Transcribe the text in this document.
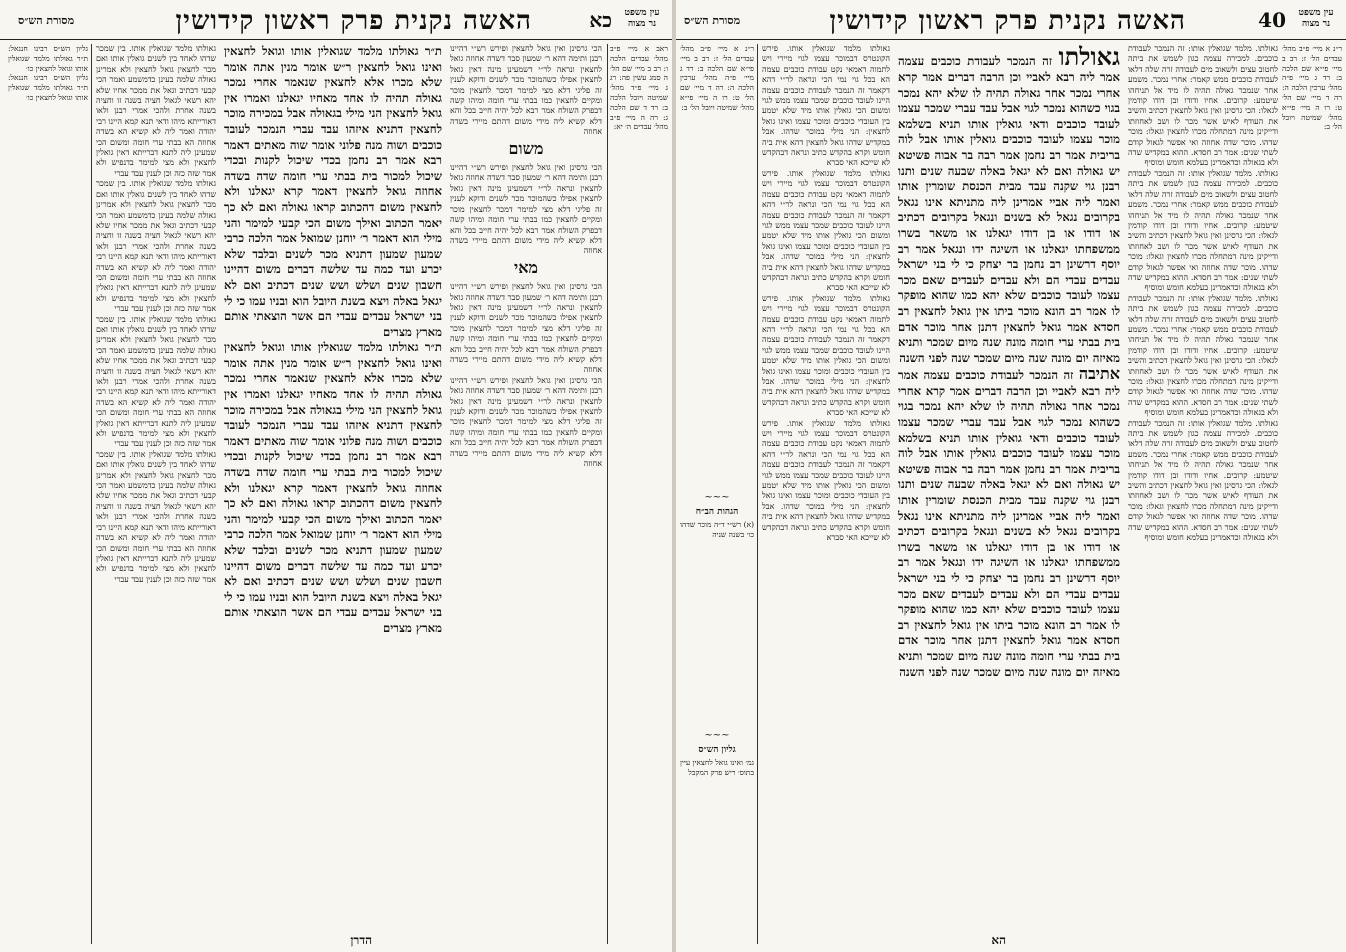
עין משפט
נר מצוה
כא
האשה נקנית פרק ראשון קידושין
מסורת הש״ס

ראב א מיי׳ פ״ב מהל׳ עבדים הלכה ו: רב ב מיי׳ שם הל׳ ה סמג עשין פה: רג ג מיי׳ פ״ד מהל׳ שמיטה ויובל הלכה ב: רד ד שם הלכה ג: רה ה מיי׳ פ״ב מהל׳ עבדים ה׳ יא:

הכי גרסינן ואין גואל לחצאין ופירש רש״י דהיינו רבנן ותימה דהא ר׳ שמעון סבר דשדה אחוזה גואל לחצאין ונראה לר״י דשמעינן מינה דאין גואל לחצאין אפילו כשהמוכר מכר לשנים ודוקא לענין זה פליגי דלא מצי למימר דמכר לחצאין מוכר ומקיים לחצאין כמו בבתי ערי חומה ומיהו קשה דבפרק השולח אמר רבא לכל יהיה חייב בכל והא דלא קשיא ליה מידי משום דהתם מיירי בשדה אחוזה

משום

הכי גרסינן ואין גואל לחצאין ופירש רש״י דהיינו רבנן ותימה דהא ר׳ שמעון סבר דשדה אחוזה גואל לחצאין ונראה לר״י דשמעינן מינה דאין גואל לחצאין אפילו כשהמוכר מכר לשנים ודוקא לענין זה פליגי דלא מצי למימר דמכר לחצאין מוכר ומקיים לחצאין כמו בבתי ערי חומה ומיהו קשה דבפרק השולח אמר רבא לכל יהיה חייב בכל והא דלא קשיא ליה מידי משום דהתם מיירי בשדה אחוזה

מאי

הכי גרסינן ואין גואל לחצאין ופירש רש״י דהיינו רבנן ותימה דהא ר׳ שמעון סבר דשדה אחוזה גואל לחצאין ונראה לר״י דשמעינן מינה דאין גואל לחצאין אפילו כשהמוכר מכר לשנים ודוקא לענין זה פליגי דלא מצי למימר דמכר לחצאין מוכר ומקיים לחצאין כמו בבתי ערי חומה ומיהו קשה דבפרק השולח אמר רבא לכל יהיה חייב בכל והא דלא קשיא ליה מידי משום דהתם מיירי בשדה אחוזה

הכי גרסינן ואין גואל לחצאין ופירש רש״י דהיינו רבנן ותימה דהא ר׳ שמעון סבר דשדה אחוזה גואל לחצאין ונראה לר״י דשמעינן מינה דאין גואל לחצאין אפילו כשהמוכר מכר לשנים ודוקא לענין זה פליגי דלא מצי למימר דמכר לחצאין מוכר ומקיים לחצאין כמו בבתי ערי חומה ומיהו קשה דבפרק השולח אמר רבא לכל יהיה חייב בכל והא דלא קשיא ליה מידי משום דהתם מיירי בשדה אחוזה

ת״ר גאולתו מלמד שגואלין אותו וגואל לחצאין ואינו גואל לחצאין ר״ש אומר מנין אתה אומר שלא מכרו אלא לחצאין שנאמר אחרי נמכר גאולה תהיה לו אחד מאחיו יגאלנו ואמרו אין גואל לחצאין הני מילי בגאולה אבל במכירה מוכר לחצאין דתניא איזהו עבד עברי הנמכר לעובד כוכבים ושוה מנה פלוני אומר שוה מאתים דאמר רבא אמר רב נחמן בכדי שיכול לקנות ובכדי שיכול למכור בית בבתי ערי חומה שדה בשדה אחוזה גואל לחצאין דאמר קרא יגאלנו ולא לחצאין משום דהכתוב קראו גאולה ואם לא כך יאמר הכתוב ואילך משום הכי קבעי למימר והני מילי הוא דאמר ר׳ יוחנן שמואל אמר הלכה כרבי שמעון שמעון דתניא מכר לשנים ובלבד שלא יכרע ועד כמה עד שלשה דברים משום דהיינו חשבון שנים ושלש ושש שנים דכתיב ואם לא יגאל באלה ויצא בשנת היובל הוא ובניו עמו כי לי בני ישראל עבדים עבדי הם אשר הוצאתי אותם מארץ מצרים

ת״ר גאולתו מלמד שגואלין אותו וגואל לחצאין ואינו גואל לחצאין ר״ש אומר מנין אתה אומר שלא מכרו אלא לחצאין שנאמר אחרי נמכר גאולה תהיה לו אחד מאחיו יגאלנו ואמרו אין גואל לחצאין הני מילי בגאולה אבל במכירה מוכר לחצאין דתניא איזהו עבד עברי הנמכר לעובד כוכבים ושוה מנה פלוני אומר שוה מאתים דאמר רבא אמר רב נחמן בכדי שיכול לקנות ובכדי שיכול למכור בית בבתי ערי חומה שדה בשדה אחוזה גואל לחצאין דאמר קרא יגאלנו ולא לחצאין משום דהכתוב קראו גאולה ואם לא כך יאמר הכתוב ואילך משום הכי קבעי למימר והני מילי הוא דאמר ר׳ יוחנן שמואל אמר הלכה כרבי שמעון שמעון דתניא מכר לשנים ובלבד שלא יכרע ועד כמה עד שלשה דברים משום דהיינו חשבון שנים ושלש ושש שנים דכתיב ואם לא יגאל באלה ויצא בשנת היובל הוא ובניו עמו כי לי בני ישראל עבדים עבדי הם אשר הוצאתי אותם מארץ מצרים

גאולתו מלמד שגואלין אותו. בין שמכר שדהו לאחד בין לשנים גואלין אותו ואם מכר לחצאין גואל לחצאין ולא אמרינן גאולה שלמה בעינן כדמשמע ואמר הכי קבעי דכתיב וגאל את ממכר אחיו שלא יהא רשאי לגאול חציה בשנה זו וחציה בשנה אחרת ולהכי אמרי רבנן ולאו דאורייתא מיהו ודאי תנא קמא היינו רבי יהודה ואמר ליה לא קשיא הא בשדה אחוזה הא בבתי ערי חומה ומשום הכי שמעינן ליה לתנא דברייתא דאין גואלין לחצאין ולא מצי למימר בדנפיש ולא אמר שזה כזה וכן לענין עבד עברי

גאולתו מלמד שגואלין אותו. בין שמכר שדהו לאחד בין לשנים גואלין אותו ואם מכר לחצאין גואל לחצאין ולא אמרינן גאולה שלמה בעינן כדמשמע ואמר הכי קבעי דכתיב וגאל את ממכר אחיו שלא יהא רשאי לגאול חציה בשנה זו וחציה בשנה אחרת ולהכי אמרי רבנן ולאו דאורייתא מיהו ודאי תנא קמא היינו רבי יהודה ואמר ליה לא קשיא הא בשדה אחוזה הא בבתי ערי חומה ומשום הכי שמעינן ליה לתנא דברייתא דאין גואלין לחצאין ולא מצי למימר בדנפיש ולא אמר שזה כזה וכן לענין עבד עברי

גאולתו מלמד שגואלין אותו. בין שמכר שדהו לאחד בין לשנים גואלין אותו ואם מכר לחצאין גואל לחצאין ולא אמרינן גאולה שלמה בעינן כדמשמע ואמר הכי קבעי דכתיב וגאל את ממכר אחיו שלא יהא רשאי לגאול חציה בשנה זו וחציה בשנה אחרת ולהכי אמרי רבנן ולאו דאורייתא מיהו ודאי תנא קמא היינו רבי יהודה ואמר ליה לא קשיא הא בשדה אחוזה הא בבתי ערי חומה ומשום הכי שמעינן ליה לתנא דברייתא דאין גואלין לחצאין ולא מצי למימר בדנפיש ולא אמר שזה כזה וכן לענין עבד עברי

גאולתו מלמד שגואלין אותו. בין שמכר שדהו לאחד בין לשנים גואלין אותו ואם מכר לחצאין גואל לחצאין ולא אמרינן גאולה שלמה בעינן כדמשמע ואמר הכי קבעי דכתיב וגאל את ממכר אחיו שלא יהא רשאי לגאול חציה בשנה זו וחציה בשנה אחרת ולהכי אמרי רבנן ולאו דאורייתא מיהו ודאי תנא קמא היינו רבי יהודה ואמר ליה לא קשיא הא בשדה אחוזה הא בבתי ערי חומה ומשום הכי שמעינן ליה לתנא דברייתא דאין גואלין לחצאין ולא מצי למימר בדנפיש ולא אמר שזה כזה וכן לענין עבד עברי

גליון הש״ס רבינו חננאל: ת״ר גאולתו מלמד שגואלין אותו וגואל לחצאין כו׳

גליון הש״ס רבינו חננאל: ת״ר גאולתו מלמד שגואלין אותו וגואל לחצאין כו׳

הדרן
עין משפט
נר מצוה
40
האשה נקנית פרק ראשון קידושין
מסורת הש״ס

ר״נ א מיי׳ פ״ב מהל׳ עבדים הל׳ ז: רב ב מיי׳ פי״א שם הלכה ב: רד ג מיי׳ פ״ה מהל׳ ערכין הלכה ה: רה ד מיי׳ שם הל׳ ט: רו ה מיי׳ פי״א מהל׳ שמיטה ויובל הל׳ ב:

גאולתו. מלמד שגואלין אותו: זה הנמכר לעבודת כוכבים. למכירה עצמה כגון לשמש את ביתה לחטוב עצים ולשאוב מים לעבודה זרה שלה דלאו לעבודת כוכבים ממש קאמר: אחרי נמכר. משמע אחר שנמכר גאולה תהיה לו מיד אל תניחהו שיטמע: קרובים. אחיו ודודו ובן דודו קודמין לגאלו: הכי גרסינן ואין גואל לחצאין דכתיב והשיב את העודף לאיש אשר מכר לו ושב לאחוזתו ודייקינן מינה דמתחלה מכרו לחצאין וגאלו: מוכר שדהו. מוכר שדה אחוזה ואי אפשר לגאול קודם לשתי שנים: אמר רב חסדא. ההוא במקדיש שדה ולא בגאולה וכדאמרינן בעלמא חומש ומוסיף

גאולתו. מלמד שגואלין אותו: זה הנמכר לעבודת כוכבים. למכירה עצמה כגון לשמש את ביתה לחטוב עצים ולשאוב מים לעבודה זרה שלה דלאו לעבודת כוכבים ממש קאמר: אחרי נמכר. משמע אחר שנמכר גאולה תהיה לו מיד אל תניחהו שיטמע: קרובים. אחיו ודודו ובן דודו קודמין לגאלו: הכי גרסינן ואין גואל לחצאין דכתיב והשיב את העודף לאיש אשר מכר לו ושב לאחוזתו ודייקינן מינה דמתחלה מכרו לחצאין וגאלו: מוכר שדהו. מוכר שדה אחוזה ואי אפשר לגאול קודם לשתי שנים: אמר רב חסדא. ההוא במקדיש שדה ולא בגאולה וכדאמרינן בעלמא חומש ומוסיף

גאולתו. מלמד שגואלין אותו: זה הנמכר לעבודת כוכבים. למכירה עצמה כגון לשמש את ביתה לחטוב עצים ולשאוב מים לעבודה זרה שלה דלאו לעבודת כוכבים ממש קאמר: אחרי נמכר. משמע אחר שנמכר גאולה תהיה לו מיד אל תניחהו שיטמע: קרובים. אחיו ודודו ובן דודו קודמין לגאלו: הכי גרסינן ואין גואל לחצאין דכתיב והשיב את העודף לאיש אשר מכר לו ושב לאחוזתו ודייקינן מינה דמתחלה מכרו לחצאין וגאלו: מוכר שדהו. מוכר שדה אחוזה ואי אפשר לגאול קודם לשתי שנים: אמר רב חסדא. ההוא במקדיש שדה ולא בגאולה וכדאמרינן בעלמא חומש ומוסיף

גאולתו. מלמד שגואלין אותו: זה הנמכר לעבודת כוכבים. למכירה עצמה כגון לשמש את ביתה לחטוב עצים ולשאוב מים לעבודה זרה שלה דלאו לעבודת כוכבים ממש קאמר: אחרי נמכר. משמע אחר שנמכר גאולה תהיה לו מיד אל תניחהו שיטמע: קרובים. אחיו ודודו ובן דודו קודמין לגאלו: הכי גרסינן ואין גואל לחצאין דכתיב והשיב את העודף לאיש אשר מכר לו ושב לאחוזתו ודייקינן מינה דמתחלה מכרו לחצאין וגאלו: מוכר שדהו. מוכר שדה אחוזה ואי אפשר לגאול קודם לשתי שנים: אמר רב חסדא. ההוא במקדיש שדה ולא בגאולה וכדאמרינן בעלמא חומש ומוסיף

גאולתו זה הנמכר לעבודת כוכבים עצמה אמר ליה רבא לאביי וכן הרבה דברים אמר קרא אחרי נמכר אחר גאולה תהיה לו שלא יהא נמכר בגוי כשהוא נמכר לגוי אבל עבד עברי שמכר עצמו לעובד כוכבים ודאי גואלין אותו תניא בשלמא מוכר עצמו לעובד כוכבים גואלין אותו אבל לוה בריבית אמר רב נחמן אמר רבה בר אבוה פשיטא יש גאולה ואם לא יגאל באלה שבעה שנים ותנו רבנן גוי שקנה עבד מבית הכנסת שומרין אותו ואמר ליה אביי אמרינן ליה מתניתא אינו נגאל בקרובים נגאל לא בשנים ונגאל בקרובים דכתיב או דודו או בן דודו יגאלנו או משאר בשרו ממשפחתו יגאלנו או השיגה ידו ונגאל אמר רב יוסף דרשינן רב נחמן בר יצחק כי לי בני ישראל עבדים עבדי הם ולא עבדים לעבדים שאם מכר עצמו לעובד כוכבים שלא יהא כמו שהוא מופקר לו אמר רב הונא מוכר ביתו אין גואל לחצאין רב חסדא אמר גואל לחצאין דתנן אחר מוכר אדם בית בבתי ערי חומה מונה שנה מיום שמכר ותניא מאיזה יום מונה שנה מיום שמכר שנה לפני השנה

אתיבה זה הנמכר לעבודת כוכבים עצמה אמר ליה רבא לאביי וכן הרבה דברים אמר קרא אחרי נמכר אחר גאולה תהיה לו שלא יהא נמכר בגוי כשהוא נמכר לגוי אבל עבד עברי שמכר עצמו לעובד כוכבים ודאי גואלין אותו תניא בשלמא מוכר עצמו לעובד כוכבים גואלין אותו אבל לוה בריבית אמר רב נחמן אמר רבה בר אבוה פשיטא יש גאולה ואם לא יגאל באלה שבעה שנים ותנו רבנן גוי שקנה עבד מבית הכנסת שומרין אותו ואמר ליה אביי אמרינן ליה מתניתא אינו נגאל בקרובים נגאל לא בשנים ונגאל בקרובים דכתיב או דודו או בן דודו יגאלנו או משאר בשרו ממשפחתו יגאלנו או השיגה ידו ונגאל אמר רב יוסף דרשינן רב נחמן בר יצחק כי לי בני ישראל עבדים עבדי הם ולא עבדים לעבדים שאם מכר עצמו לעובד כוכבים שלא יהא כמו שהוא מופקר לו אמר רב הונא מוכר ביתו אין גואל לחצאין רב חסדא אמר גואל לחצאין דתנן אחר מוכר אדם בית בבתי ערי חומה מונה שנה מיום שמכר ותניא מאיזה יום מונה שנה מיום שמכר שנה לפני השנה

גאולתו מלמד שגואלין אותו. פירש הקונטרס דבמוכר עצמו לגוי מיירי ויש לתמוה דאמאי נקט עבודת כוכבים עצמה הא בכל גוי נמי הכי ונראה לר״י דהא דקאמר זה הנמכר לעבודת כוכבים עצמה היינו לעובד כוכבים שמכר עצמו ממש לגוי ומשום הכי גואלין אותו מיד שלא יטמע בין העובדי כוכבים ומוכר עצמו ואינו גואל לחצאין: הני מילי במוכר שדהו. אבל במקדיש שדהו גואל לחצאין דהא אית ביה חומש וקרא בהקדש כתיב ונראה דבהקדש לא שייכא האי סברא

גאולתו מלמד שגואלין אותו. פירש הקונטרס דבמוכר עצמו לגוי מיירי ויש לתמוה דאמאי נקט עבודת כוכבים עצמה הא בכל גוי נמי הכי ונראה לר״י דהא דקאמר זה הנמכר לעבודת כוכבים עצמה היינו לעובד כוכבים שמכר עצמו ממש לגוי ומשום הכי גואלין אותו מיד שלא יטמע בין העובדי כוכבים ומוכר עצמו ואינו גואל לחצאין: הני מילי במוכר שדהו. אבל במקדיש שדהו גואל לחצאין דהא אית ביה חומש וקרא בהקדש כתיב ונראה דבהקדש לא שייכא האי סברא

גאולתו מלמד שגואלין אותו. פירש הקונטרס דבמוכר עצמו לגוי מיירי ויש לתמוה דאמאי נקט עבודת כוכבים עצמה הא בכל גוי נמי הכי ונראה לר״י דהא דקאמר זה הנמכר לעבודת כוכבים עצמה היינו לעובד כוכבים שמכר עצמו ממש לגוי ומשום הכי גואלין אותו מיד שלא יטמע בין העובדי כוכבים ומוכר עצמו ואינו גואל לחצאין: הני מילי במוכר שדהו. אבל במקדיש שדהו גואל לחצאין דהא אית ביה חומש וקרא בהקדש כתיב ונראה דבהקדש לא שייכא האי סברא

גאולתו מלמד שגואלין אותו. פירש הקונטרס דבמוכר עצמו לגוי מיירי ויש לתמוה דאמאי נקט עבודת כוכבים עצמה הא בכל גוי נמי הכי ונראה לר״י דהא דקאמר זה הנמכר לעבודת כוכבים עצמה היינו לעובד כוכבים שמכר עצמו ממש לגוי ומשום הכי גואלין אותו מיד שלא יטמע בין העובדי כוכבים ומוכר עצמו ואינו גואל לחצאין: הני מילי במוכר שדהו. אבל במקדיש שדהו גואל לחצאין דהא אית ביה חומש וקרא בהקדש כתיב ונראה דבהקדש לא שייכא האי סברא

ר״נ א מיי׳ פ״ב מהל׳ עבדים הל׳ ז: רב ב מיי׳ פי״א שם הלכה ב: רד ג מיי׳ פ״ה מהל׳ ערכין הלכה ה: רה ד מיי׳ שם הל׳ ט: רו ה מיי׳ פי״א מהל׳ שמיטה ויובל הל׳ ב:

~~~
הגהות הב״ח

(א) רש״י ד״ה מוכר שדהו כו׳ בשנה שניה

~~~
גליון הש״ס

גמ׳ ואינו גואל לחצאין עיין בתוס׳ ריש פרק המקבל

הא
